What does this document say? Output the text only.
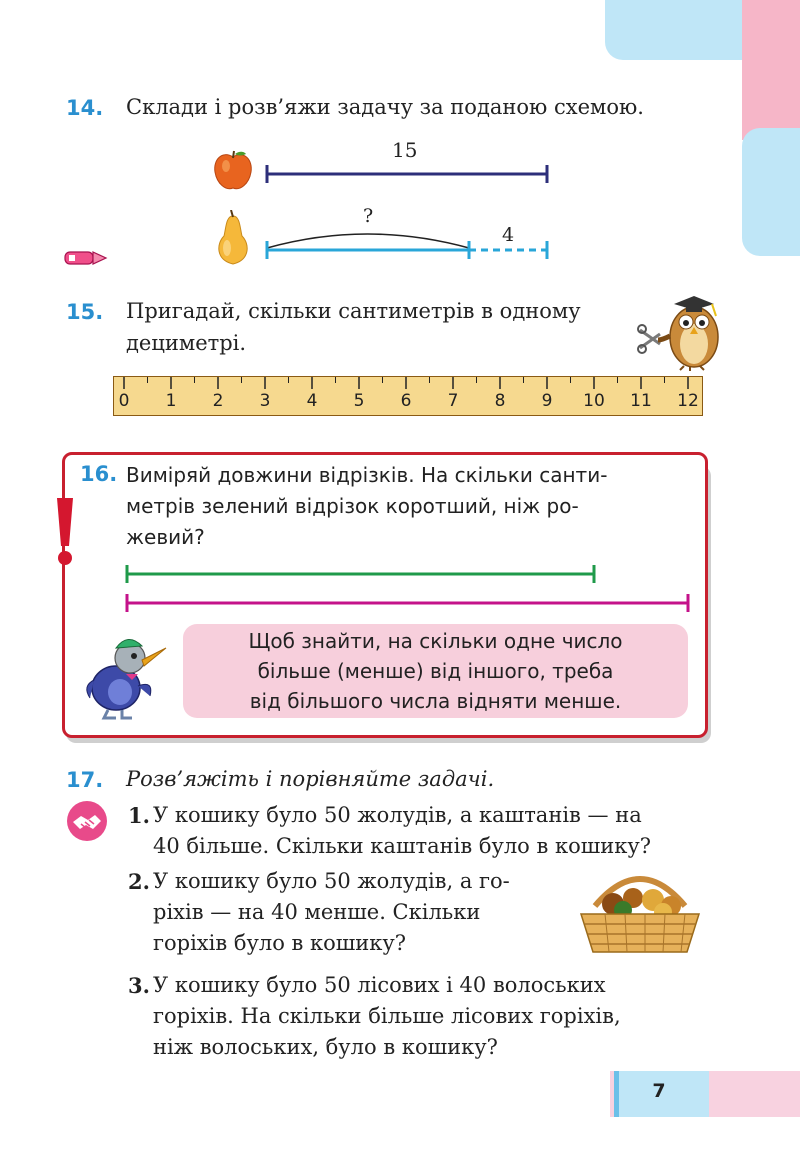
14. Склади і розв’яжи задачу за поданою схемою.
15
?
4
15. Пригадай, скільки сантиметрів в одному
дециметрі.
0 1 2 3 4 5 6 7 8 9 10 11 12
16. Виміряй довжини відрізків. На скільки санти-
метрів зелений відрізок коротший, ніж ро-
жевий?
Щоб знайти, на скільки одне число
більше (менше) від іншого, треба
від більшого числа відняти менше.
17. Розв’яжіть і порівняйте задачі.
1. У кошику було 50 жолудів, а каштанів — на
40 більше. Скільки каштанів було в кошику?
2. У кошику було 50 жолудів, а го-
ріхів — на 40 менше. Скільки
горіхів було в кошику?
3. У кошику було 50 лісових і 40 волоських
горіхів. На скільки більше лісових горіхів,
ніж волоських, було в кошику?
7
